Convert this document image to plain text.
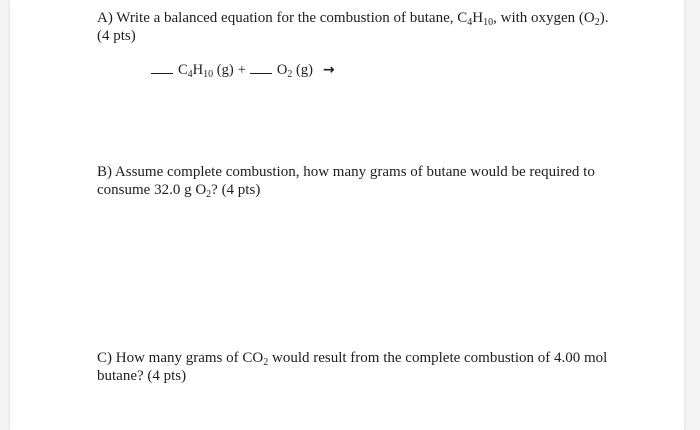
A) Write a balanced equation for the combustion of butane, $C_4H_{10}$, with oxygen $(O_2)$.
(4 pts)
$C_4H_{10}$ $(g) + O_2$ (g) →
B) Assume complete combustion, how many grams of butane would be required to
consume 32.0 g $O_2$? (4 pts)
C) How many grams of $CO_2$ would result from the complete combustion of 4.00 mol
butane? (4 pts)
